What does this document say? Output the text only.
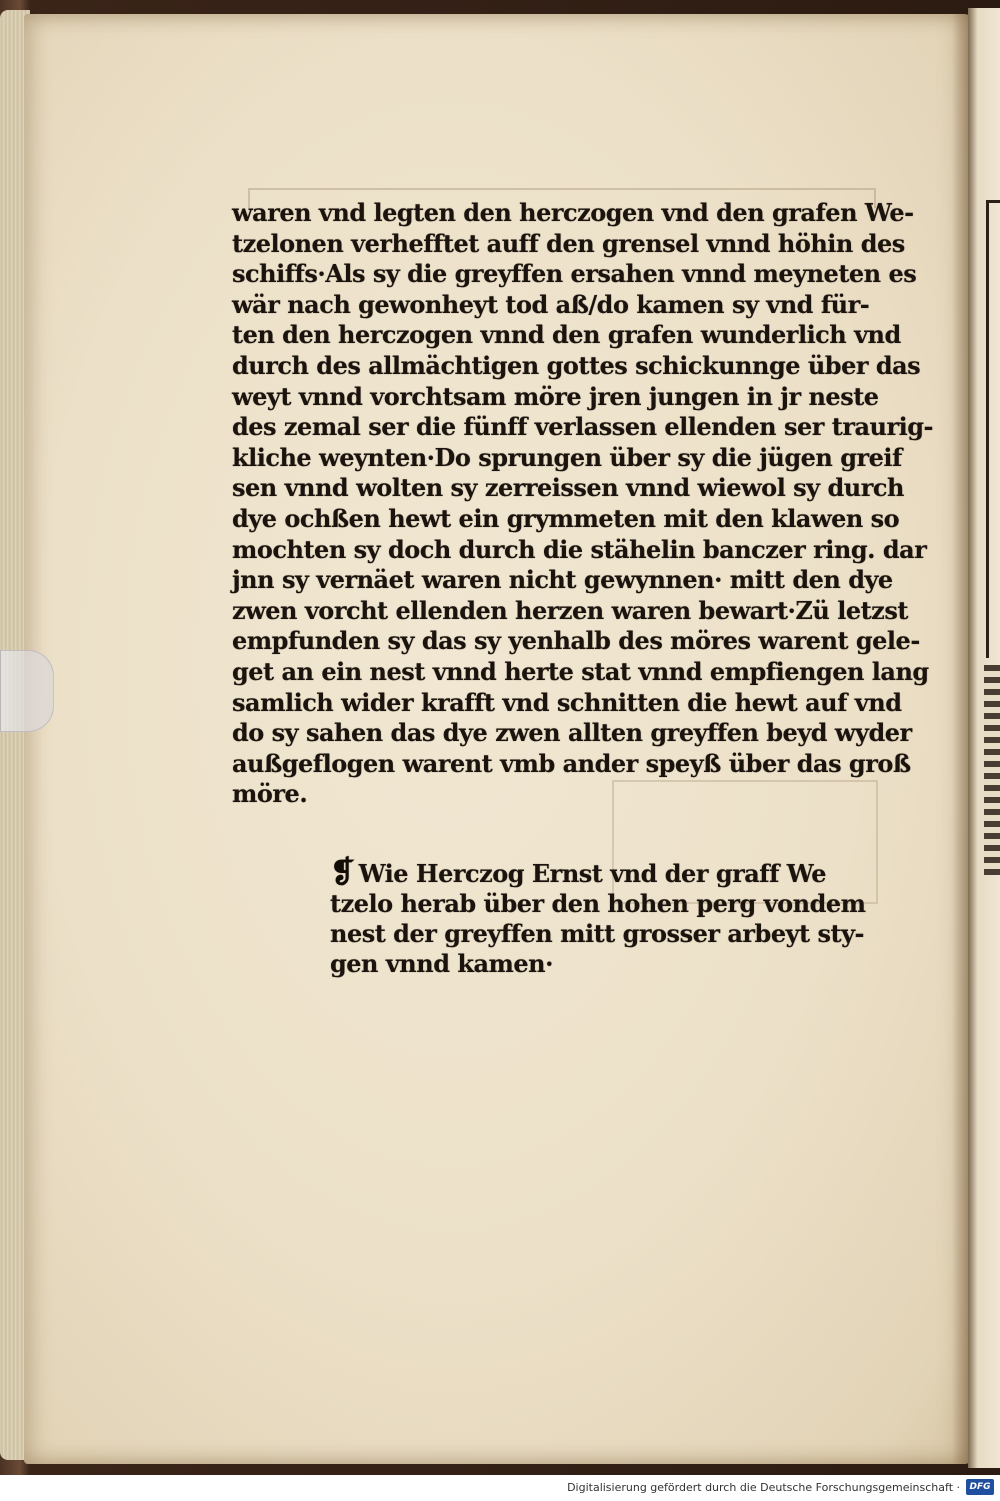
waren vnd legten den herczogen vnd den grafen We-
tzelonen verhefftet auff den grensel vnnd höhin des
schiffs·Als sy die greyffen ersahen vnnd meyneten es
wär nach gewonheyt tod aß/do kamen sy vnd für-
ten den herczogen vnnd den grafen wunderlich vnd
durch des allmächtigen gottes schickunnge über das
weyt vnnd vorchtsam möre jren jungen in jr neste
des zemal ser die fünff verlassen ellenden ser traurig-
kliche weynten·Do sprungen über sy die jügen greif
sen vnnd wolten sy zerreissen vnnd wiewol sy durch
dye ochßen hewt ein grymmeten mit den klawen so
mochten sy doch durch die stähelin banczer ring. dar
jnn sy vernäet waren nicht gewynnen· mitt den dye
zwen vorcht ellenden herzen waren bewart·Zü letzst
empfunden sy das sy yenhalb des möres warent gele-
get an ein nest vnnd herte stat vnnd empfiengen lang
samlich wider krafft vnd schnitten die hewt auf vnd
do sy sahen das dye zwen allten greyffen beyd wyder
außgeflogen warent vmb ander speyß über das groß
möre.
❡ Wie Herczog Ernst vnd der graff We
tzelo herab über den hohen perg vondem
nest der greyffen mitt grosser arbeyt sty-
gen vnnd kamen·
Digitalisierung gefördert durch die Deutsche Forschungsgemeinschaft ·	DFG
